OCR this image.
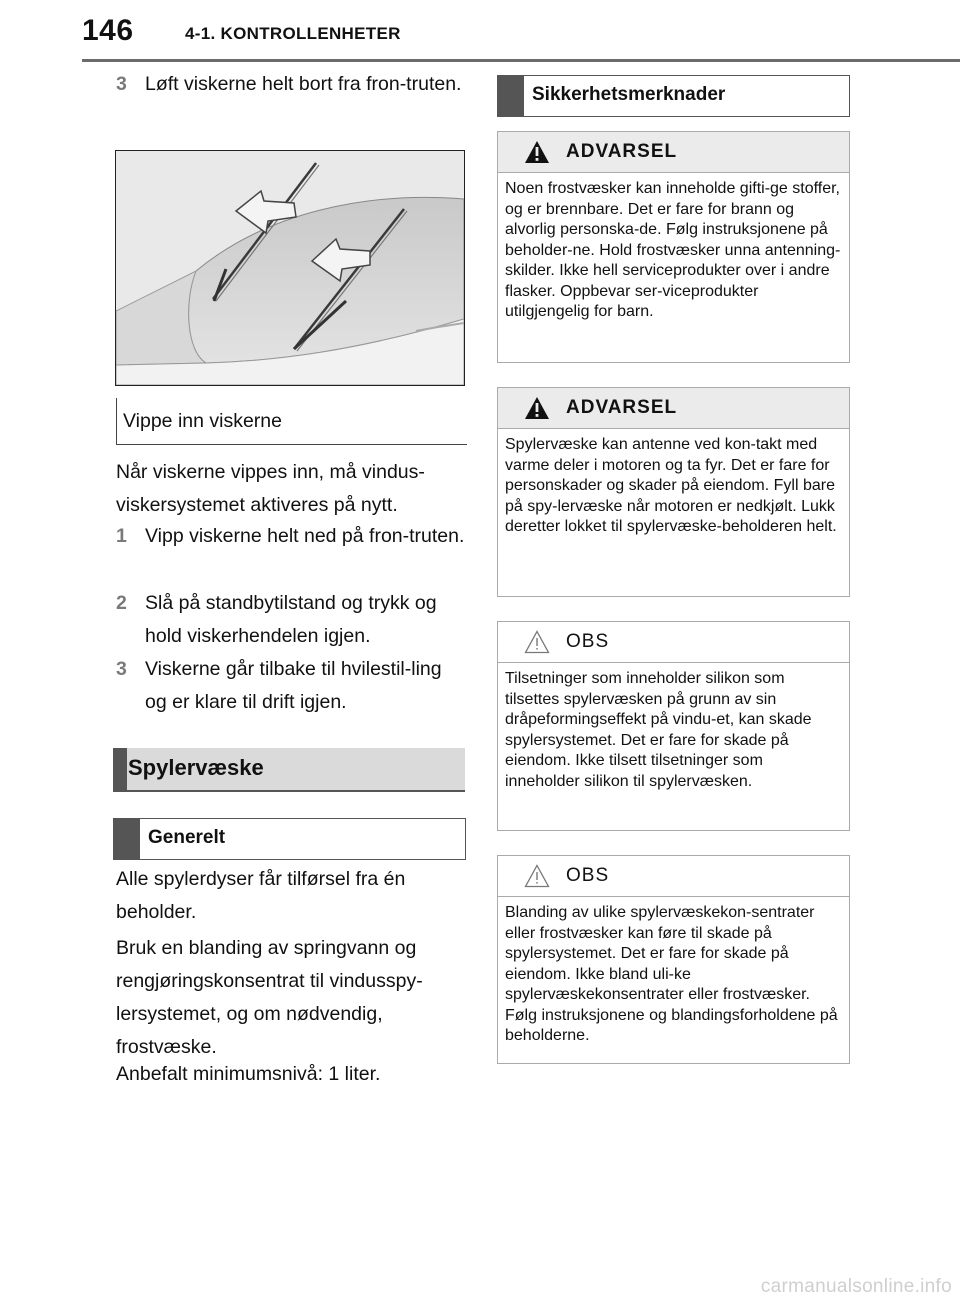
146	4-1. KONTROLLENHETER
3 Løft viskerne helt bort fra fron-truten.
Vippe inn viskerne

Når viskerne vippes inn, må vindus-viskersystemet aktiveres på nytt.

1 Vipp viskerne helt ned på fron-truten.
2 Slå på standbytilstand og trykk og hold viskerhendelen igjen.
3 Viskerne går tilbake til hvilestil-ling og er klare til drift igjen.
Spylervæske
Generelt

Alle spylerdyser får tilførsel fra én beholder.

Bruk en blanding av springvann og rengjøringskonsentrat til vindusspy-lersystemet, og om nødvendig, frostvæske.

Anbefalt minimumsnivå: 1 liter.

Sikkerhetsmerknader
ADVARSEL
Noen frostvæsker kan inneholde gifti-ge stoffer, og er brennbare. Det er fare for brann og alvorlig personska-de. Følg instruksjonene på beholder-ne. Hold frostvæsker unna antenning-skilder. Ikke hell serviceprodukter over i andre flasker. Oppbevar ser-viceprodukter utilgjengelig for barn.
ADVARSEL
Spylervæske kan antenne ved kon-takt med varme deler i motoren og ta fyr. Det er fare for personskader og skader på eiendom. Fyll bare på spy-lervæske når motoren er nedkjølt. Lukk deretter lokket til spylervæske-beholderen helt.
OBS
Tilsetninger som inneholder silikon som tilsettes spylervæsken på grunn av sin dråpeformingseffekt på vindu-et, kan skade spylersystemet. Det er fare for skade på eiendom. Ikke tilsett tilsetninger som inneholder silikon til spylervæsken.
OBS
Blanding av ulike spylervæskekon-sentrater eller frostvæsker kan føre til skade på spylersystemet. Det er fare for skade på eiendom. Ikke bland uli-ke spylervæskekonsentrater eller frostvæsker. Følg instruksjonene og blandingsforholdene på beholderne.
carmanualsonline.info
